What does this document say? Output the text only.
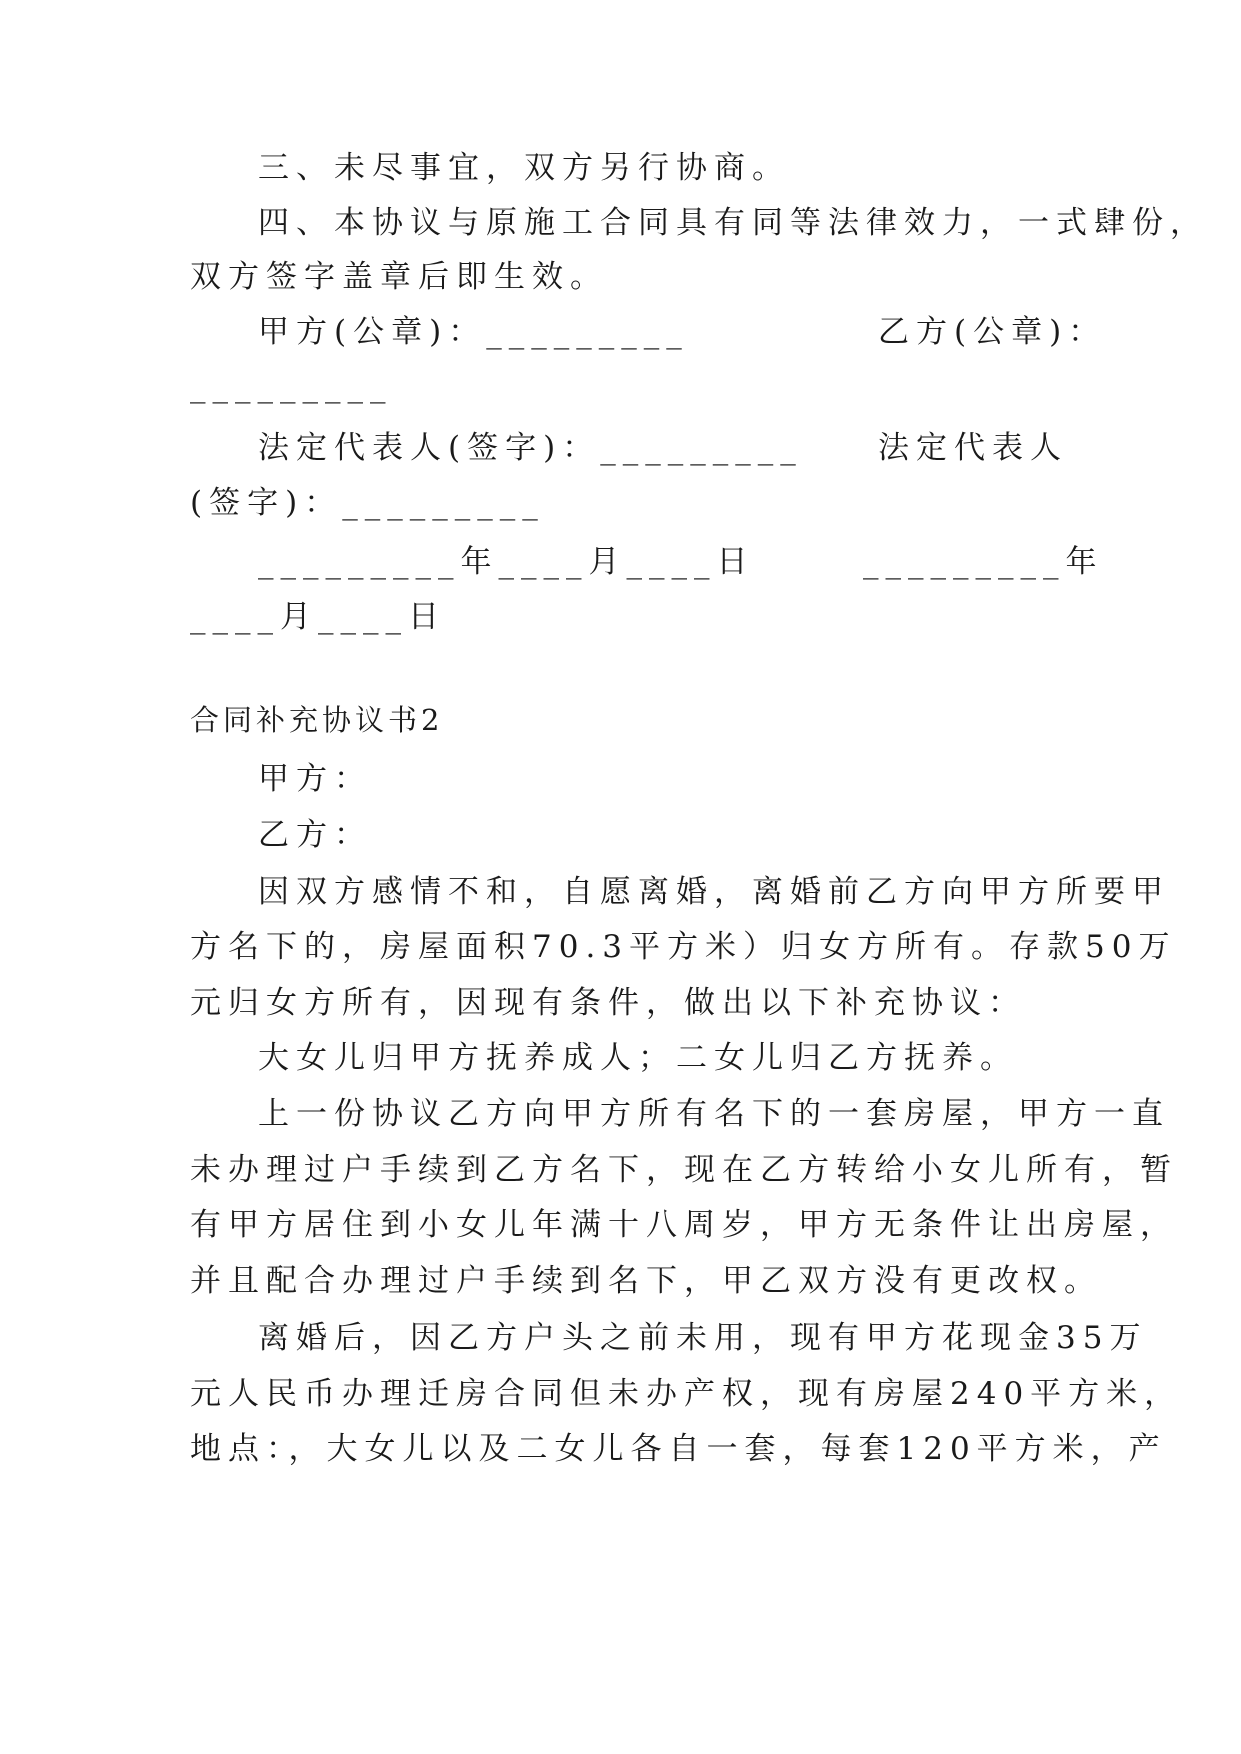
三、未尽事宜，双方另行协商。
四、本协议与原施工合同具有同等法律效力，一式肆份，
双方签字盖章后即生效。
甲方(公章)：_________	乙方(公章)：
_________
法定代表人(签字)：_________ 法定代表人
(签字)：_________
_________年____月____日	_________年
____月____日
合同补充协议书2
甲方：
乙方：
因双方感情不和，自愿离婚，离婚前乙方向甲方所要甲
方名下的，房屋面积70.3平方米）归女方所有。存款50万
元归女方所有，因现有条件，做出以下补充协议：
大女儿归甲方抚养成人；二女儿归乙方抚养。
上一份协议乙方向甲方所有名下的一套房屋，甲方一直
未办理过户手续到乙方名下，现在乙方转给小女儿所有，暂
有甲方居住到小女儿年满十八周岁，甲方无条件让出房屋，
并且配合办理过户手续到名下，甲乙双方没有更改权。
离婚后，因乙方户头之前未用，现有甲方花现金35万
元人民币办理迁房合同但未办产权，现有房屋240平方米，
地点：，大女儿以及二女儿各自一套，每套120平方米，产
